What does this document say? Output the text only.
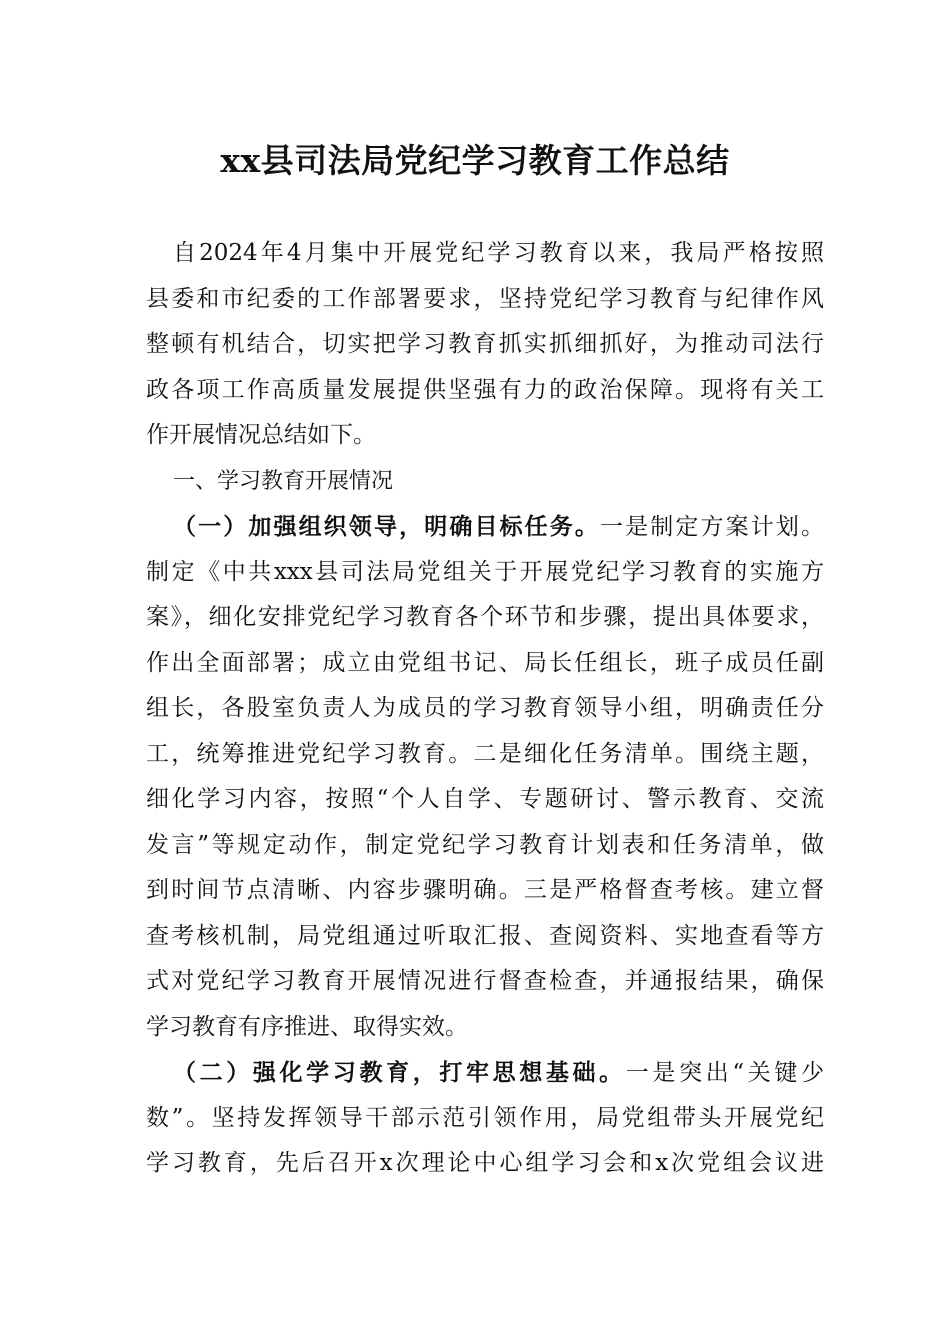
xx县司法局党纪学习教育工作总结
自2024年4月集中开展党纪学习教育以来，我局严格按照
县委和市纪委的工作部署要求，坚持党纪学习教育与纪律作风
整顿有机结合，切实把学习教育抓实抓细抓好，为推动司法行
政各项工作高质量发展提供坚强有力的政治保障。现将有关工
作开展情况总结如下。
一、学习教育开展情况
（一）加强组织领导，明确目标任务。一是制定方案计划。
制定《中共xxx县司法局党组关于开展党纪学习教育的实施方
案》，细化安排党纪学习教育各个环节和步骤，提出具体要求，
作出全面部署；成立由党组书记、局长任组长，班子成员任副
组长，各股室负责人为成员的学习教育领导小组，明确责任分
工，统筹推进党纪学习教育。二是细化任务清单。围绕主题，
细化学习内容，按照“个人自学、专题研讨、警示教育、交流
发言”等规定动作，制定党纪学习教育计划表和任务清单，做
到时间节点清晰、内容步骤明确。三是严格督查考核。建立督
查考核机制，局党组通过听取汇报、查阅资料、实地查看等方
式对党纪学习教育开展情况进行督查检查，并通报结果，确保
学习教育有序推进、取得实效。
（二）强化学习教育，打牢思想基础。一是突出“关键少
数”。坚持发挥领导干部示范引领作用，局党组带头开展党纪
学习教育，先后召开x次理论中心组学习会和x次党组会议进
